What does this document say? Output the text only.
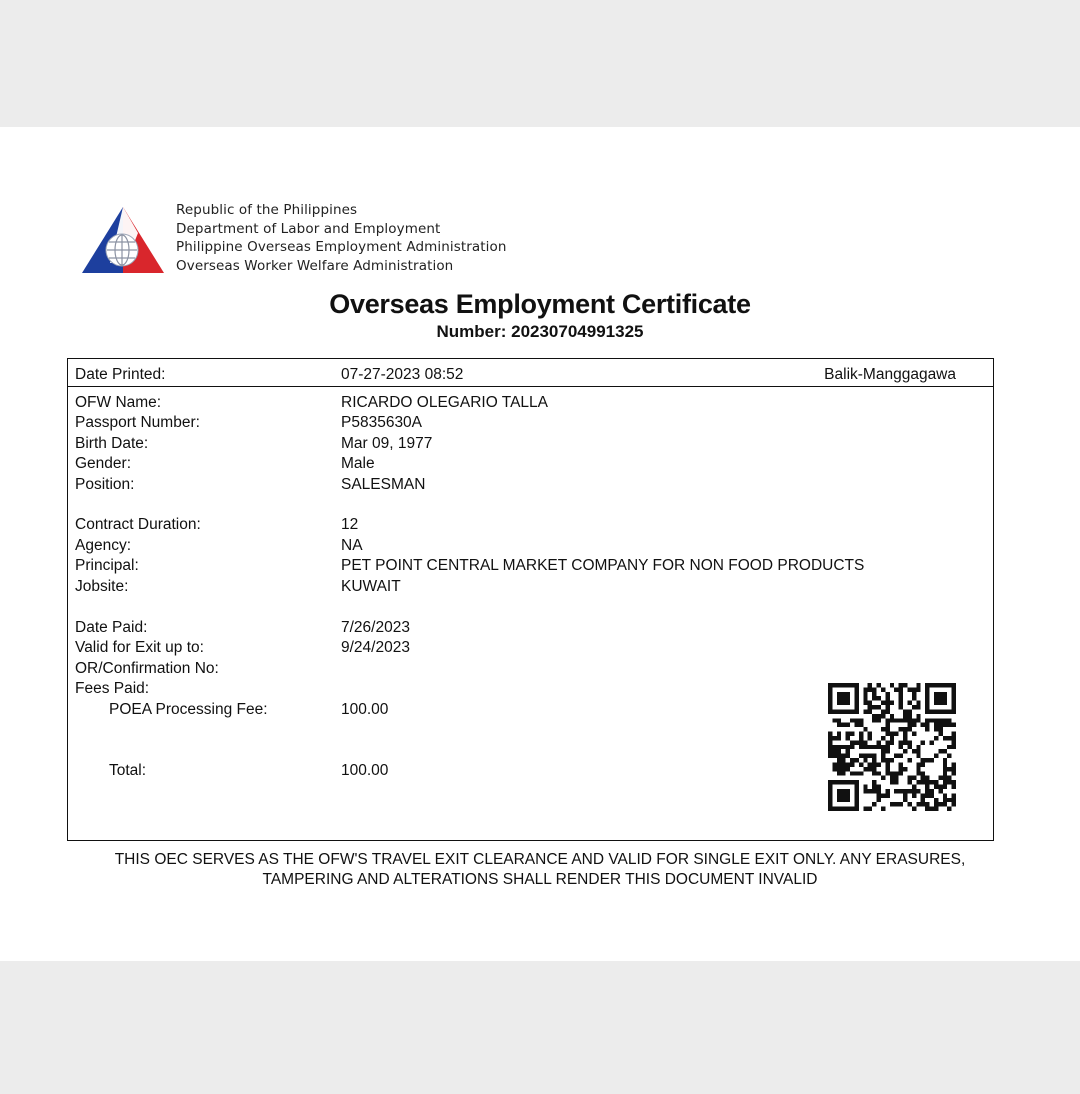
Republic of the Philippines
Department of Labor and Employment
Philippine Overseas Employment Administration
Overseas Worker Welfare Administration
Overseas Employment Certificate
Number: 20230704991325
Date Printed:	07-27-2023 08:52	Balik-Manggagawa
OFW Name:	RICARDO OLEGARIO TALLA
Passport Number:	P5835630A
Birth Date:	Mar 09, 1977
Gender:	Male
Position:	SALESMAN
Contract Duration:	12
Agency:	NA
Principal:	PET POINT CENTRAL MARKET COMPANY FOR NON FOOD PRODUCTS
Jobsite:	KUWAIT
Date Paid:	7/26/2023
Valid for Exit up to:	9/24/2023
OR/Confirmation No:
Fees Paid:
POEA Processing Fee:	100.00
Total:	100.00
THIS OEC SERVES AS THE OFW'S TRAVEL EXIT CLEARANCE AND VALID FOR SINGLE EXIT ONLY. ANY ERASURES,
TAMPERING AND ALTERATIONS SHALL RENDER THIS DOCUMENT INVALID
